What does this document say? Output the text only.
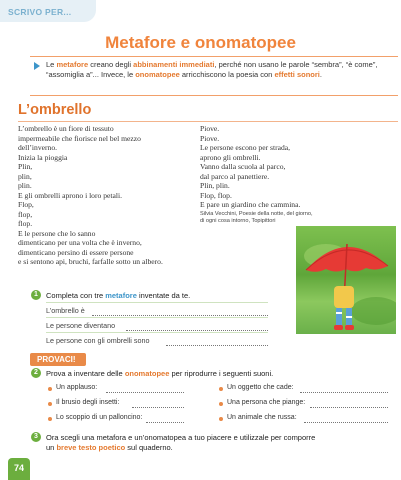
SCRIVO PER...
Metafore e onomatopee
Le metafore creano degli abbinamenti immediati, perché non usano le parole “sembra”, “è come”, “assomiglia a”... Invece, le onomatopee arricchiscono la poesia con effetti sonori.
L’ombrello
L’ombrello è un fiore di tessuto
impermeabile che fiorisce nel bel mezzo
dell’inverno.
Inizia la pioggia
Plin,
plin,
plin.
E gli ombrelli aprono i loro petali.
Flop,
flop,
flop.
E le persone che lo sanno
dimenticano per una volta che è inverno,
dimenticano persino di essere persone
e si sentono api, bruchi, farfalle sotto un albero.
Piove.
Piove.
Le persone escono per strada,
aprono gli ombrelli.
Vanno dalla scuola al parco,
dal parco al panettiere.
Plin, plin.
Flop, flop.
E pare un giardino che cammina.
Silvia Vecchini, Poesie della notte, del giorno,
di ogni cosa intorno, Topipittori
1	Completa con tre metafore inventate da te.
L’ombrello è
Le persone diventano
Le persone con gli ombrelli sono
PROVACI!
2	Prova a inventare delle onomatopee per riprodurre i seguenti suoni.
Un applauso:
Il brusio degli insetti:
Lo scoppio di un palloncino:
Un oggetto che cade:
Una persona che piange:
Un animale che russa:
3	Ora scegli una metafora e un’onomatopea a tuo piacere e utilizzale per comporre
un breve testo poetico sul quaderno.
74
